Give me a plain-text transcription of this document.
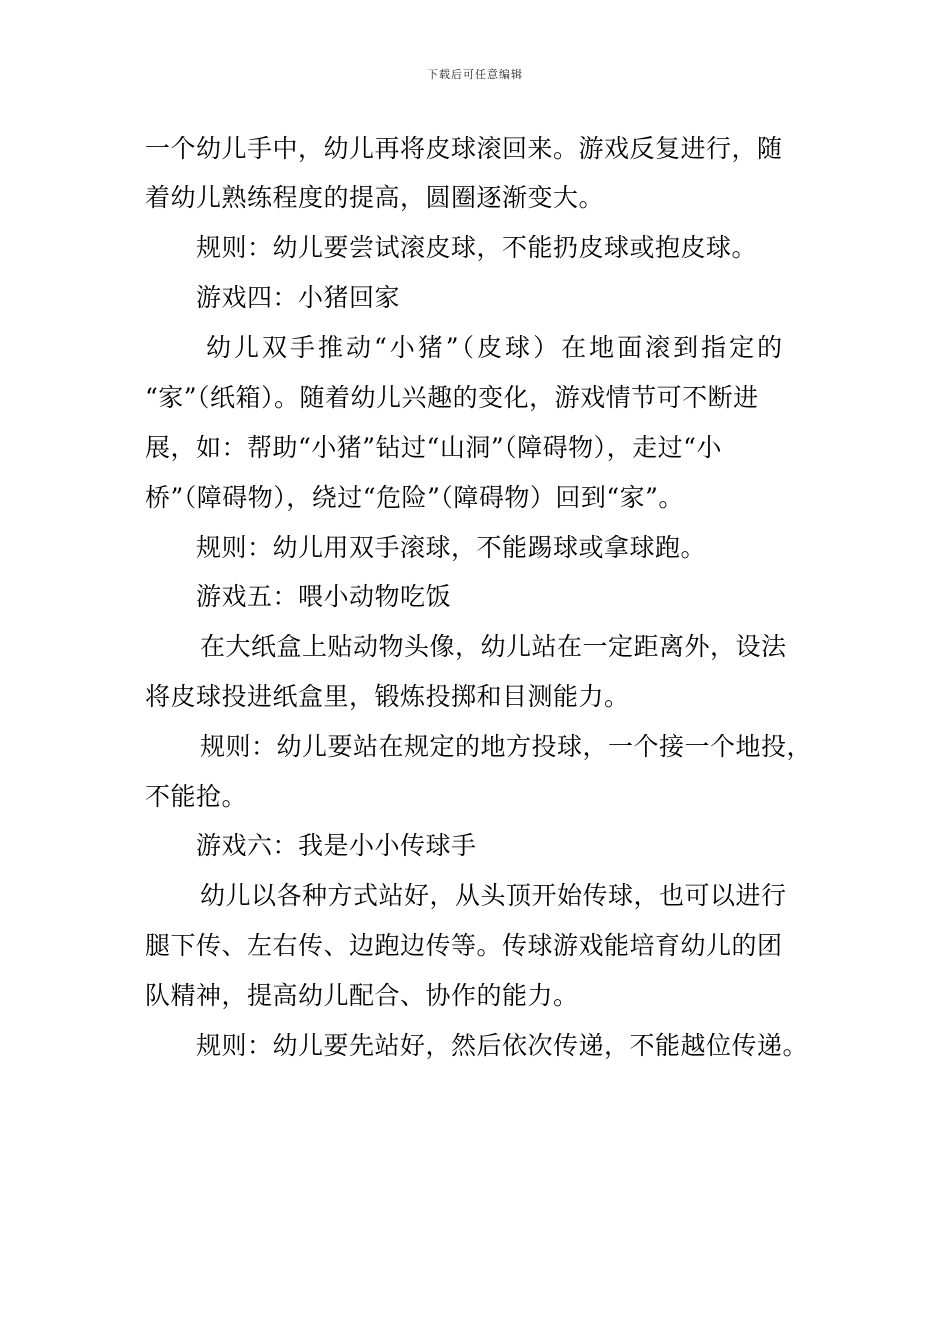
下载后可任意编辑
一个幼儿手中，幼儿再将皮球滚回来。游戏反复进行，随
着幼儿熟练程度的提高，圆圈逐渐变大。
规则：幼儿要尝试滚皮球，不能扔皮球或抱皮球。
游戏四：小猪回家
幼儿双手推动“小猪”（皮球）在地面滚到指定的
“家”（纸箱）。随着幼儿兴趣的变化，游戏情节可不断进
展，如：帮助“小猪”钻过“山洞”（障碍物），走过“小
桥”（障碍物），绕过“危险”（障碍物）回到“家”。
规则：幼儿用双手滚球，不能踢球或拿球跑。
游戏五：喂小动物吃饭
在大纸盒上贴动物头像，幼儿站在一定距离外，设法
将皮球投进纸盒里，锻炼投掷和目测能力。
规则：幼儿要站在规定的地方投球，一个接一个地投，
不能抢。
游戏六：我是小小传球手
幼儿以各种方式站好，从头顶开始传球，也可以进行
腿下传、左右传、边跑边传等。传球游戏能培育幼儿的团
队精神，提高幼儿配合、协作的能力。
规则：幼儿要先站好，然后依次传递，不能越位传递。
